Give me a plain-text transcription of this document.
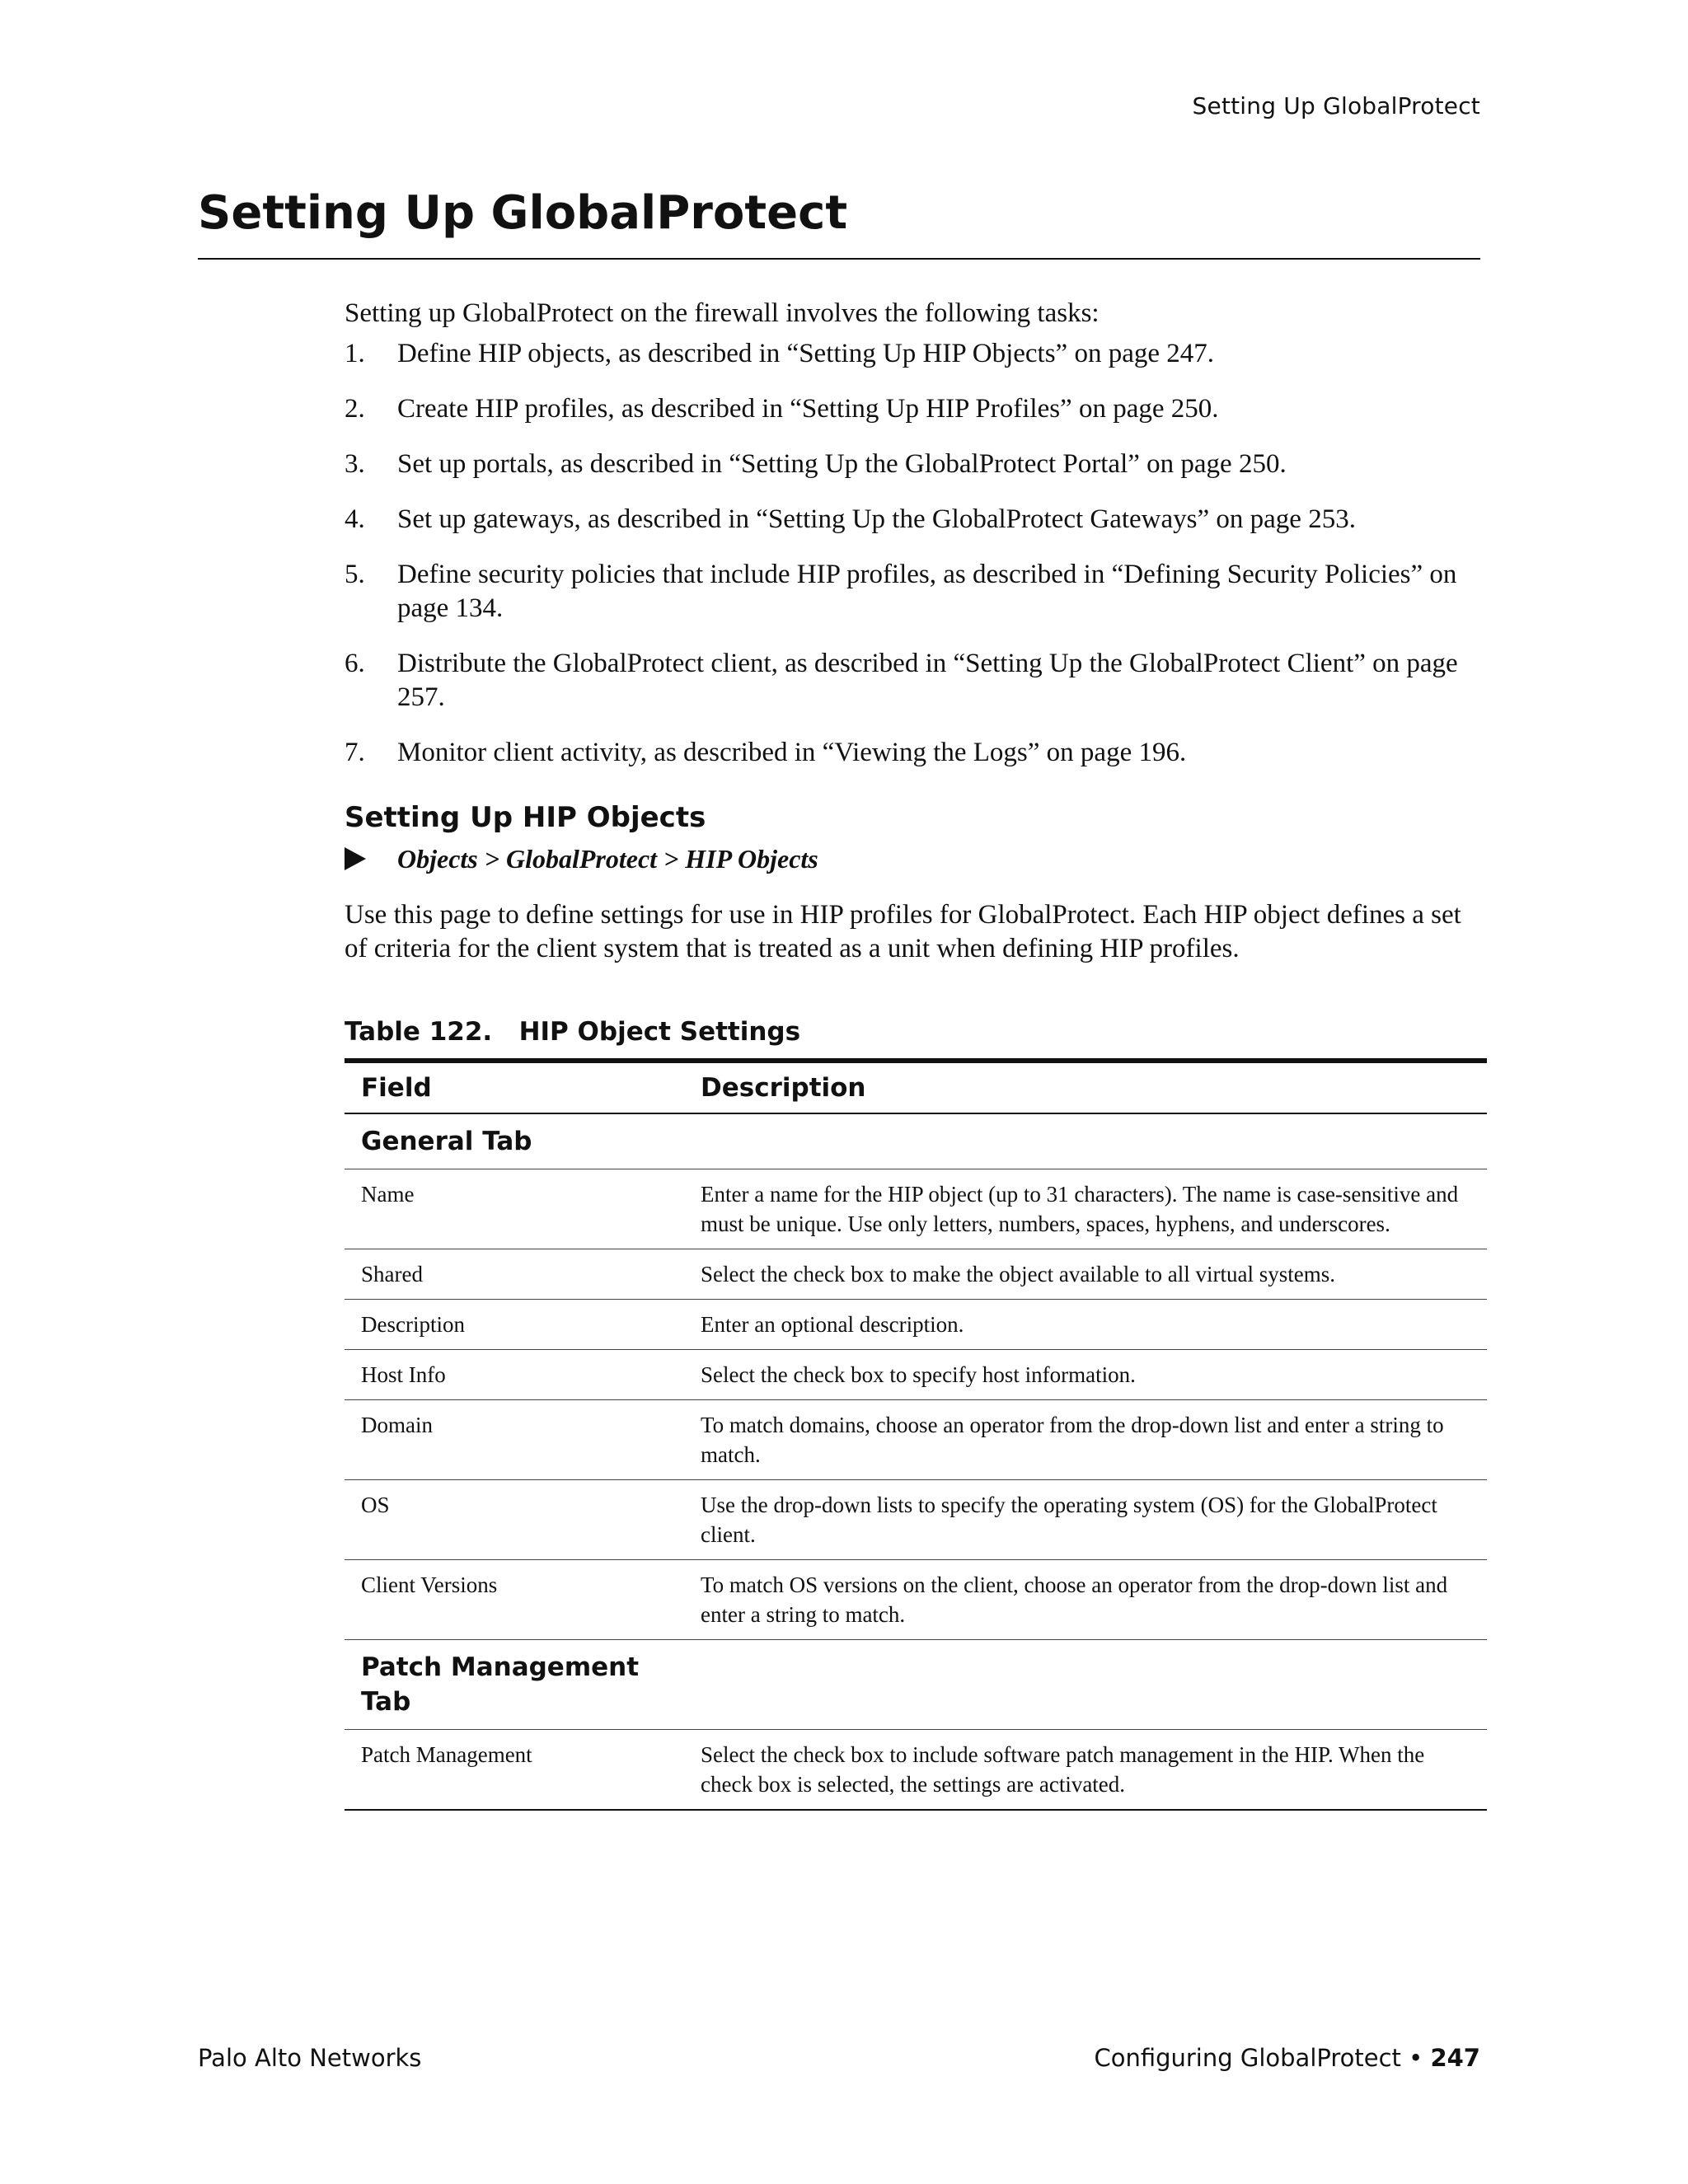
Setting Up GlobalProtect
Setting Up GlobalProtect

Setting up GlobalProtect on the firewall involves the following tasks:

1.	Define HIP objects, as described in “Setting Up HIP Objects” on page 247.
2.	Create HIP profiles, as described in “Setting Up HIP Profiles” on page 250.
3.	Set up portals, as described in “Setting Up the GlobalProtect Portal” on page 250.
4.	Set up gateways, as described in “Setting Up the GlobalProtect Gateways” on page 253.
5.	Define security policies that include HIP profiles, as described in “Defining Security Policies” on page 134.
6.	Distribute the GlobalProtect client, as described in “Setting Up the GlobalProtect Client” on page 257.
7.	Monitor client activity, as described in “Viewing the Logs” on page 196.
Setting Up HIP Objects
Objects > GlobalProtect > HIP Objects

Use this page to define settings for use in HIP profiles for GlobalProtect. Each HIP object defines a set of criteria for the client system that is treated as a unit when defining HIP profiles.

Table 122.   HIP Object Settings
Field	Description
General Tab	
Name	Enter a name for the HIP object (up to 31 characters). The name is case-sensitive and must be unique. Use only letters, numbers, spaces, hyphens, and underscores.
Shared	Select the check box to make the object available to all virtual systems.
Description	Enter an optional description.
Host Info	Select the check box to specify host information.
Domain	To match domains, choose an operator from the drop-down list and enter a string to match.
OS	Use the drop-down lists to specify the operating system (OS) for the GlobalProtect client.
Client Versions	To match OS versions on the client, choose an operator from the drop-down list and enter a string to match.
Patch Management Tab	
Patch Management	Select the check box to include software patch management in the HIP. When the check box is selected, the settings are activated.
Palo Alto Networks	Configuring GlobalProtect • 247
